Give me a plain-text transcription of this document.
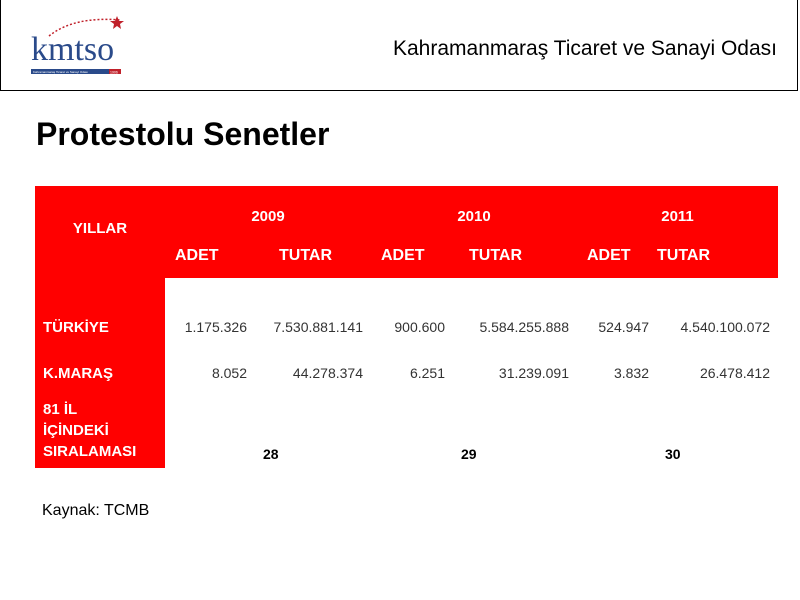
kmtso
Kahramanmaraş Ticaret ve Sanayi Odası	1906
Kahramanmaraş Ticaret ve Sanayi Odası
Protestolu Senetler
YILLAR	2009		2010		2011	
	ADET	TUTAR	ADET	TUTAR	ADET	TUTAR

TÜRKİYE	1.175.326	7.530.881.141	900.600	5.584.255.888	524.947	4.540.100.072

K.MARAŞ	8.052	44.278.374	6.251	31.239.091	3.832	26.478.412

81 İL
İÇİNDEKİ
SIRALAMASI		28		29		30
Kaynak: TCMB
